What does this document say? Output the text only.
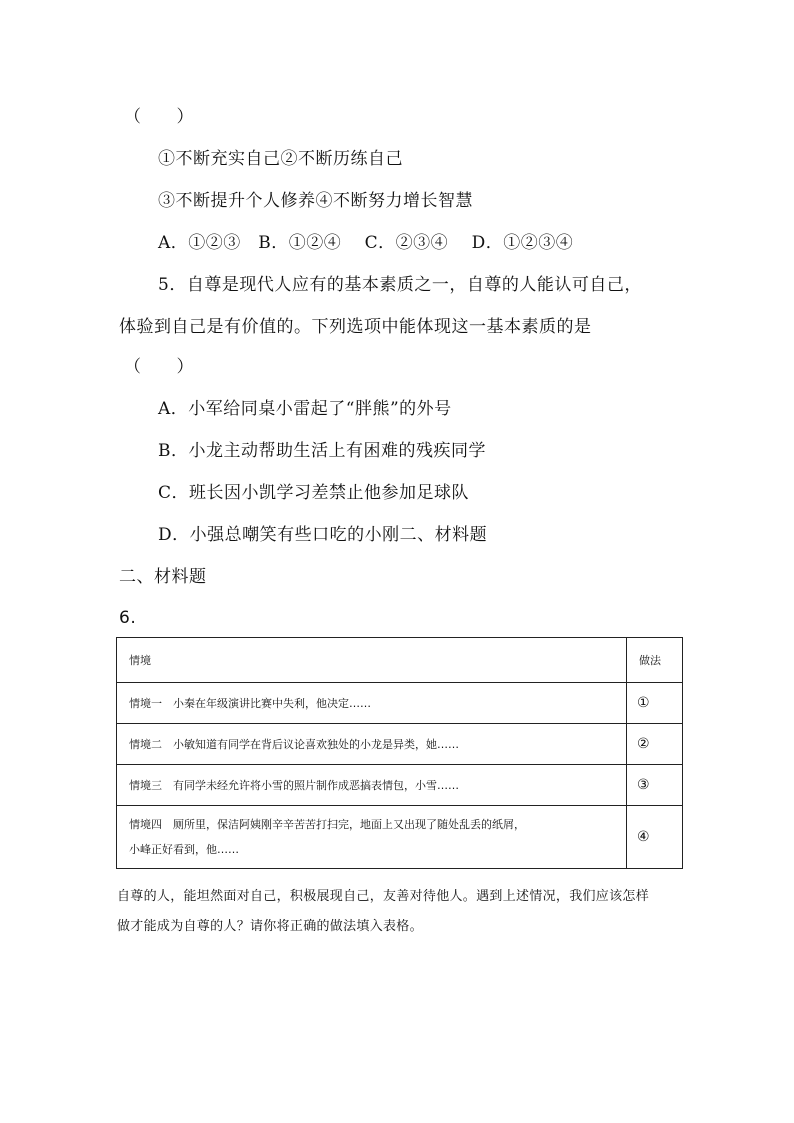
（　　）
①不断充实自己②不断历练自己
③不断提升个人修养④不断努力增长智慧
A．①②③　B．①②④　 C．②③④　 D．①②③④
5．自尊是现代人应有的基本素质之一，自尊的人能认可自己，
体验到自己是有价值的。下列选项中能体现这一基本素质的是
（　　）
A．小军给同桌小雷起了“胖熊”的外号
B．小龙主动帮助生活上有困难的残疾同学
C．班长因小凯学习差禁止他参加足球队
D．小强总嘲笑有些口吃的小刚二、材料题
二、材料题
6.
情境	做法
情境一　小秦在年级演讲比赛中失利，他决定……	①
情境二　小敏知道有同学在背后议论喜欢独处的小龙是异类，她……	②
情境三　有同学未经允许将小雪的照片制作成恶搞表情包，小雪……	③

情境四　厕所里，保洁阿姨刚辛辛苦苦打扫完，地面上又出现了随处乱丢的纸屑，
小峰正好看到，他……	④
自尊的人，能坦然面对自己，积极展现自己，友善对待他人。遇到上述情况，我们应该怎样
做才能成为自尊的人？请你将正确的做法填入表格。
